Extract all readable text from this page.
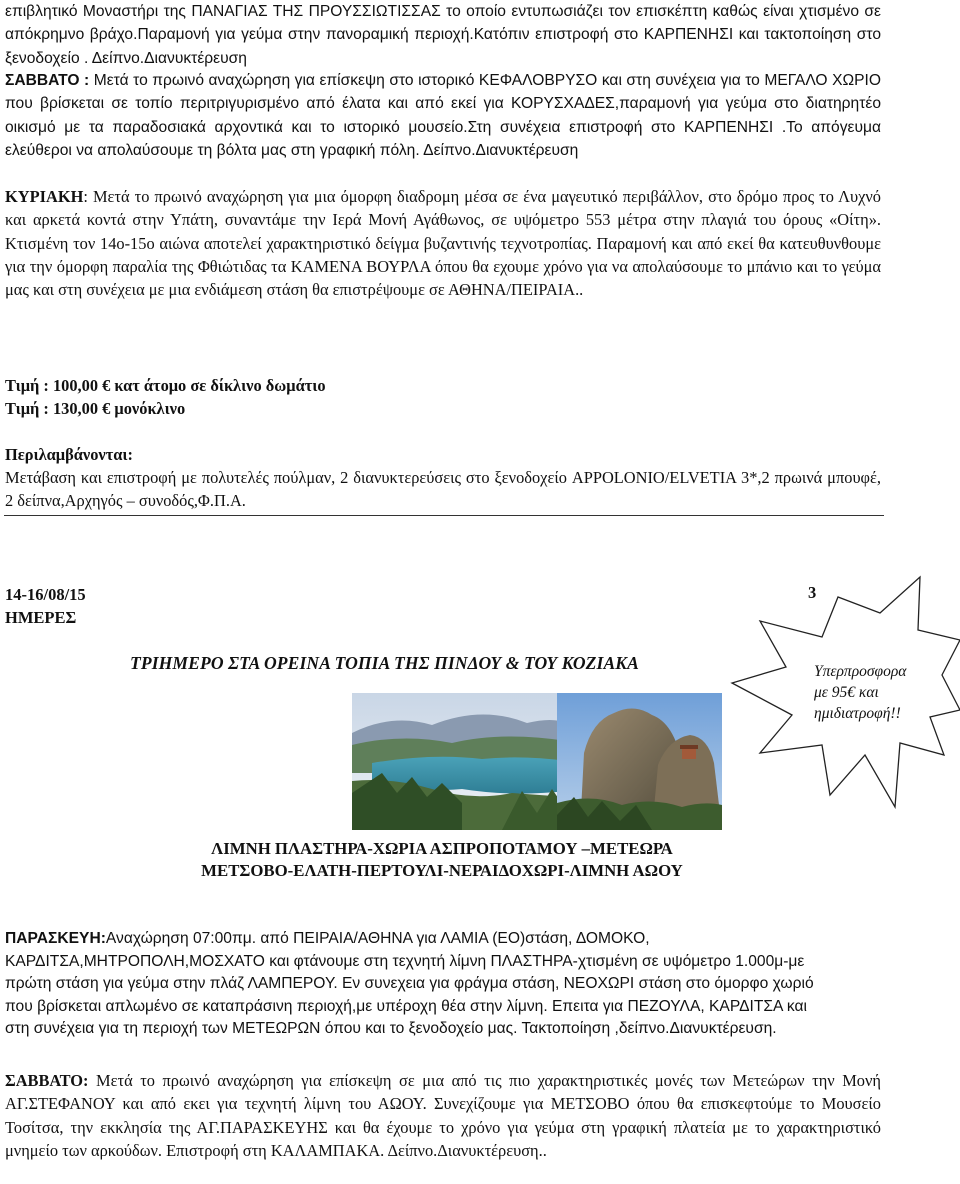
επιβλητικό Μοναστήρι της ΠΑΝΑΓΙΑΣ ΤΗΣ ΠΡΟΥΣΣΙΩΤΙΣΣΑΣ το οποίο εντυπωσιάζει τον επισκέπτη καθώς είναι χτισμένο σε απόκρημνο βράχο.Παραμονή για γεύμα στην πανοραμική περιοχή.Κατόπιν επιστροφή στο ΚΑΡΠΕΝΗΣΙ και τακτοποίηση στο ξενοδοχείο . Δείπνο.Διανυκτέρευση
ΣΑΒΒΑΤΟ : Μετά το πρωινό αναχώρηση για επίσκεψη στο ιστορικό ΚΕΦΑΛΟΒΡΥΣΟ και στη συνέχεια για το ΜΕΓΑΛΟ ΧΩΡΙΟ που βρίσκεται σε τοπίο περιτριγυρισμένο από έλατα και από εκεί για ΚΟΡΥΣΧΑΔΕΣ,παραμονή για γεύμα στο διατηρητέο οικισμό με τα παραδοσιακά αρχοντικά και το ιστορικό μουσείο.Στη συνέχεια επιστροφή στο ΚΑΡΠΕΝΗΣΙ .Το απόγευμα ελεύθεροι να απολαύσουμε τη βόλτα μας στη γραφική πόλη. Δείπνο.Διανυκτέρευση
ΚΥΡΙΑΚΗ: Μετά το πρωινό αναχώρηση για μια όμορφη διαδρομη μέσα σε ένα μαγευτικό περιβάλλον, στο δρόμο προς το Λυχνό και αρκετά κοντά στην Υπάτη, συναντάμε την Ιερά Μονή Αγάθωνος, σε υψόμετρο 553 μέτρα στην πλαγιά του όρους «Οίτη». Κτισμένη τον 14ο-15ο αιώνα αποτελεί χαρακτηριστικό δείγμα βυζαντινής τεχνοτροπίας. Παραμονή και από εκεί θα κατευθυνθουμε για την όμορφη παραλία της Φθιώτιδας τα ΚΑΜΕΝΑ ΒΟΥΡΛΑ όπου θα εχουμε χρόνο για να απολαύσουμε το μπάνιο και το γεύμα μας και στη συνέχεια με μια ενδιάμεση στάση θα επιστρέψουμε σε ΑΘΗΝΑ/ΠΕΙΡΑΙΑ..
Τιμή : 100,00 € κατ άτομο σε δίκλινο δωμάτιο
Τιμή : 130,00 € μονόκλινο
Περιλαμβάνονται:
Μετάβαση και επιστροφή με πολυτελές πούλμαν, 2 διανυκτερεύσεις στο ξενοδοχείο APPOLONIO/ELVETIA 3*,2 πρωινά μπουφέ, 2 δείπνα,Αρχηγός – συνοδός,Φ.Π.Α.
14-16/08/15
ΗΜΕΡΕΣ
3
ΤΡΙΗΜΕΡΟ ΣΤΑ ΟΡΕΙΝΑ ΤΟΠΙΑ ΤΗΣ ΠΙΝΔΟΥ & ΤΟΥ ΚΟΖΙΑΚΑ	Υπερπροσφορα
με 95€ και
ημιδιατροφή!!
ΛΙΜΝΗ ΠΛΑΣΤΗΡΑ-ΧΩΡΙΑ ΑΣΠΡΟΠΟΤΑΜΟΥ –ΜΕΤΕΩΡΑ
ΜΕΤΣΟΒΟ-ΕΛΑΤΗ-ΠΕΡΤΟΥΛΙ-ΝΕΡΑΙΔΟΧΩΡΙ-ΛΙΜΝΗ ΑΩΟΥ
ΠΑΡΑΣΚΕΥΗ:Αναχώρηση 07:00πμ. από ΠΕΙΡΑΙΑ/ΑΘΗΝΑ για ΛΑΜΙΑ (ΕΟ)στάση, ΔΟΜΟΚΟ, ΚΑΡΔΙΤΣΑ,ΜΗΤΡΟΠΟΛΗ,ΜΟΣΧΑΤΟ και φτάνουμε στη τεχνητή λίμνη ΠΛΑΣΤΗΡΑ-χτισμένη σε υψόμετρο 1.000μ-με πρώτη στάση για γεύμα στην πλάζ ΛΑΜΠΕΡΟΥ. Εν συνεχεια για φράγμα στάση, ΝΕΟΧΩΡΙ στάση στο όμορφο χωριό που βρίσκεται απλωμένο σε καταπράσινη περιοχή,με υπέροχη θέα στην λίμνη. Επειτα για ΠΕΖΟΥΛΑ, ΚΑΡΔΙΤΣΑ και στη συνέχεια για τη περιοχή των ΜΕΤΕΩΡΩΝ όπου και το ξενοδοχείο μας. Τακτοποίηση ,δείπνο.Διανυκτέρευση.
ΣΑΒΒΑΤΟ: Μετά το πρωινό αναχώρηση για επίσκεψη σε μια από τις πιο χαρακτηριστικές μονές των Μετεώρων την Μονή ΑΓ.ΣΤΕΦΑΝΟΥ και από εκει για τεχνητή λίμνη του ΑΩΟΥ. Συνεχίζουμε για ΜΕΤΣΟΒΟ όπου θα επισκεφτούμε το Μουσείο Τοσίτσα, την εκκλησία της ΑΓ.ΠΑΡΑΣΚΕΥΗΣ και θα έχουμε το χρόνο για γεύμα στη γραφική πλατεία με το χαρακτηριστικό μνημείο των αρκούδων. Επιστροφή στη ΚΑΛΑΜΠΑΚΑ. Δείπνο.Διανυκτέρευση..
